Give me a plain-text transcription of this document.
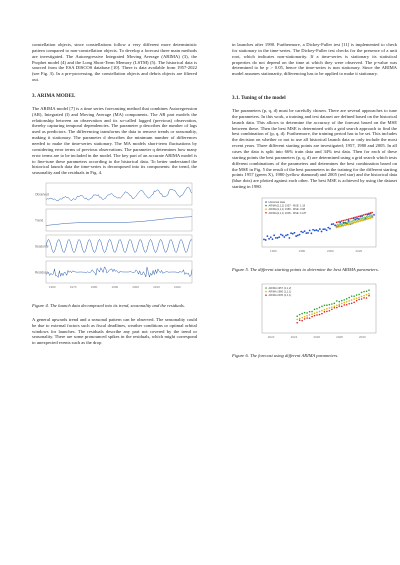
constellation objects, since constellations follow a very different more deterministic pattern compared to non-constellation objects. To develop a forecast three main methods are investigated. The Autoregressive Integrated Moving Average (ARIMA) (3), the Prophet model (4) and the Long Short-Term Memory (LSTM) (5). The historical data is sourced from the ESA DISCOS database [10]. There is data available from 1957-2022 (see Fig. 3). In a pre-processing, the constellation objects and debris objects are filtered out.

3. ARIMA MODEL

The ARIMA model [7] is a time series forecasting method that combines Autoregression (AR), Integrated (I) and Moving Average (MA) components. The AR part models the relationship between an observation and its so-called lagged (previous) observation, thereby capturing temporal dependencies. The parameter p describes the number of lags used as predictors. The differencing transforms the data to remove trends or seasonality, making it stationary. The parameter d describes the minimum number of differences needed to make the time-series stationary. The MA models short-term fluctuations by considering error terms of previous observations. The parameter q determines how many error terms are to be included in the model. The key part of an accurate ARIMA model is to fine-tune these parameters according to the historical data. To better understand the historical launch data the time-series is decomposed into its components: the trend, the seasonality and the residuals in Fig. 4.

Observed
Trend
Seasonal
Residual
1960	1970	1980	1990	2000	2010	2020

Figure 4. The launch data decomposed into its trend, seasonality and the residuals.

A general upwards trend and a seasonal pattern can be observed. The seasonality could be due to external factors such as fiscal deadlines, weather conditions or optimal orbital windows for launches. The residuals describe any part not covered by the trend or seasonality. There are some pronounced spikes in the residuals, which might correspond to unexpected events such as the drop

in launches after 1990. Furthermore, a Dickey-Fuller test [11] is implemented to check for stationary in the time-series. The Dickey-Fuller test checks for the presence of a unit root, which indicates non-stationarity. If a time-series is stationary its statistical properties do not depend on the time at which they were observed. The p-value was determined to be p > 0.05, hence the time-series is non stationary. Since the ARIMA model assumes stationarity, differencing has to be applied to make it stationary.

3.1. Tuning of the model

The parameters (p, q, d) must be carefully chosen. There are several approaches to tune the parameters. In this work, a training and test dataset are defined based on the historical launch data. This allows to determine the accuracy of the forecast based on the MSE between these. Then the best MSE is determined with a grid search approach to find the best combination of (p, q, d). Furthermore, the training period has to be set. This includes the decision on whether or not to use all historical launch data or only include the most recent years. Three different starting points are investigated; 1957, 1980 and 2005. In all cases the data is split into 66% train data and 34% test data. Then for each of these starting points the best parameters (p, q, d) are determined using a grid search which tests different combinations of the parameters and determines the best combination based on the MSE in Fig. 5 the result of the best parameters in the training for the different starting points 1957 (green X), 1980 (yellow diamond) and 2005 (red star) and the historical data (blue dots) are plotted against each other. The best MSE is achieved by using the dataset starting in 1980.

Historical data
ARIMA(2,1,2) 1957 - MSE: 1.18
ARIMA(1,1,1) 1980 - MSE: 0.98
ARIMA(2,1,1) 2005 - MSE: 11.87
1960	1980	2000	2020

Figure 5. The different starting points to determine the best ARIMA parameters.

ARIMA 1957 (2,1,2)
ARIMA 1980 (1,1,1)
ARIMA 2005 (2,1,1)
2022	2024	2026	2028	2030

Figure 6. The forecast using different ARIMA parameters.
